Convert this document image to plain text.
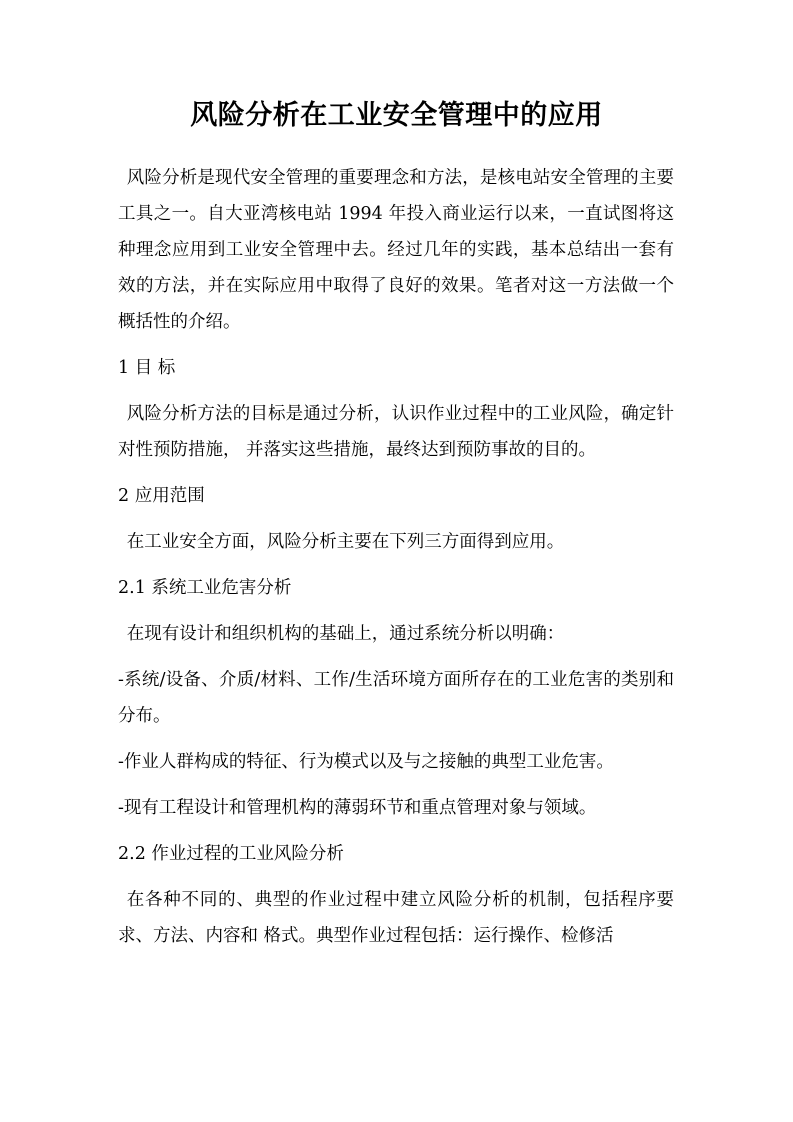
风险分析在工业安全管理中的应用

风险分析是现代安全管理的重要理念和方法，是核电站安全管理的主要工具之一。自大亚湾核电站 1994 年投入商业运行以来，一直试图将这种理念应用到工业安全管理中去。经过几年的实践，基本总结出一套有效的方法，并在实际应用中取得了良好的效果。笔者对这一方法做一个概括性的介绍。

1 目 标

风险分析方法的目标是通过分析，认识作业过程中的工业风险，确定针对性预防措施， 并落实这些措施，最终达到预防事故的目的。

2 应用范围

在工业安全方面，风险分析主要在下列三方面得到应用。

2.1 系统工业危害分析

在现有设计和组织机构的基础上，通过系统分析以明确：

-系统/设备、介质/材料、工作/生活环境方面所存在的工业危害的类别和分布。

-作业人群构成的特征、行为模式以及与之接触的典型工业危害。

-现有工程设计和管理机构的薄弱环节和重点管理对象与领域。

2.2 作业过程的工业风险分析

在各种不同的、典型的作业过程中建立风险分析的机制，包括程序要求、方法、内容和 格式。典型作业过程包括：运行操作、检修活
